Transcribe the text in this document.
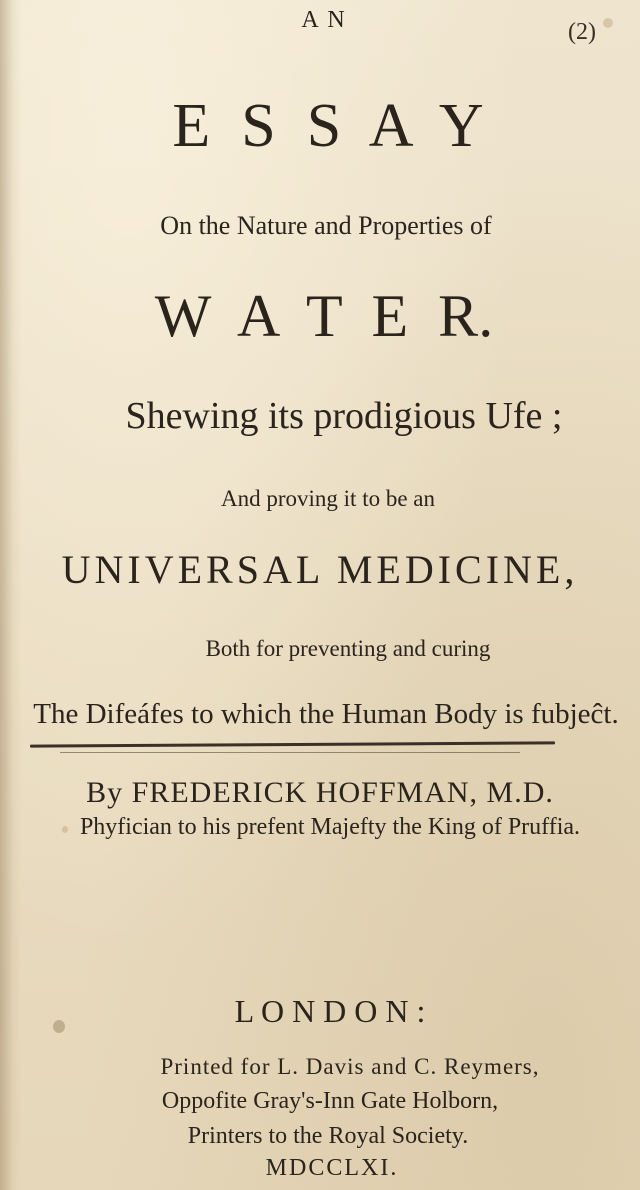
(2)
A N
E  S  S  A  Y
On the Nature and Properties of
W  A  T  E  R.
Shewing its prodigious Ufe ;
And proving it to be an
UNIVERSAL MEDICINE,
Both for preventing and curing
The Difeáfes to which the Human Body is fubjeĉt.
By FREDERICK HOFFMAN, M.D.
Phyfician to his prefent Majefty the King of Pruffia.
L O N D O N :
Printed for L. Davis and C. Reymers,
Oppofite Gray's-Inn Gate Holborn,
Printers to the Royal Society.
MDCCLXI.
